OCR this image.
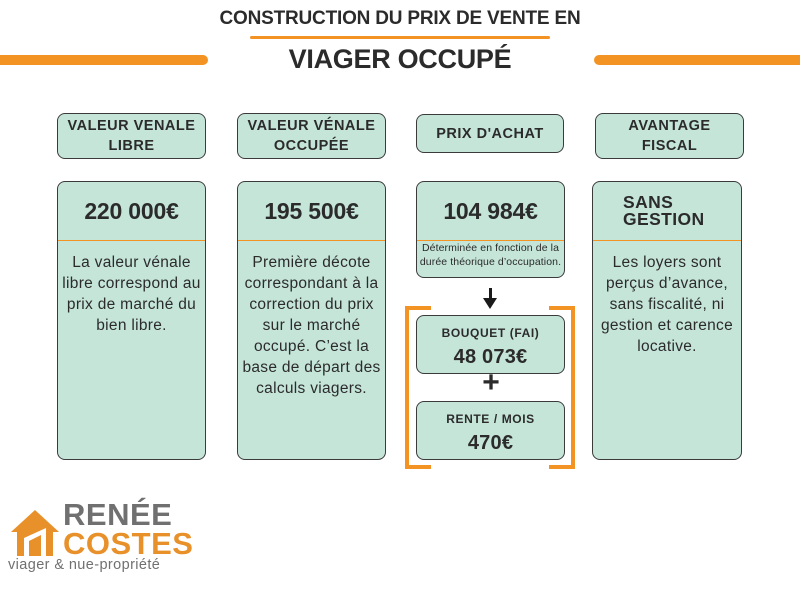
CONSTRUCTION DU PRIX DE VENTE EN
VIAGER OCCUPÉ
VALEUR VENALE LIBRE
VALEUR VÉNALE OCCUPÉE
PRIX D'ACHAT	AVANTAGE FISCAL
220 000€
La valeur vénale libre correspond au prix de marché du bien libre.
195 500€
Première décote correspondant à la correction du prix sur le marché occupé. C’est la base de départ des calculs viagers.
104 984€
Déterminée en fonction de la durée théorique d’occupation.
BOUQUET (FAI)
48 073€
+
RENTE / MOIS
470€
SANS GESTION
Les loyers sont perçus d’avance, sans fiscalité, ni gestion et carence locative.
RENÉE
COSTES
viager & nue-propriété
